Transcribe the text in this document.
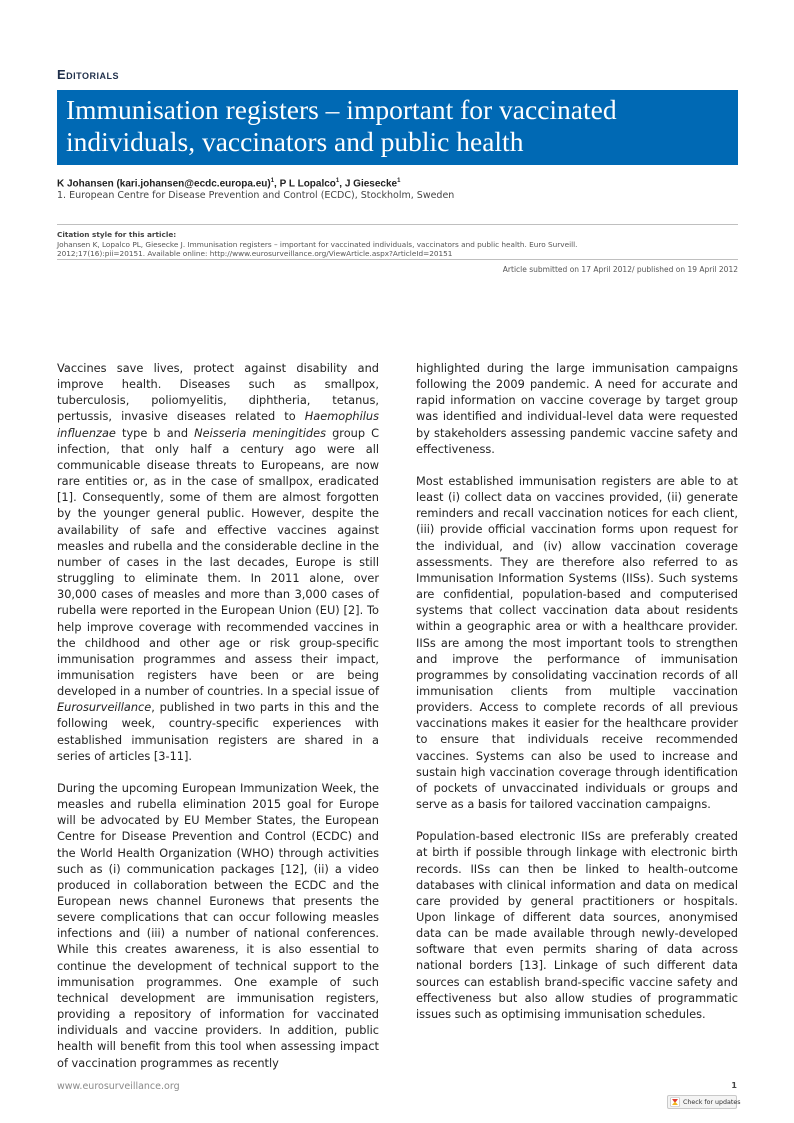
Editorials
Immunisation registers – important for vaccinated
individuals, vaccinators and public health
K Johansen (kari.johansen@ecdc.europa.eu)$^1$, P L Lopalco$^1$, J Giesecke$^1$
1. European Centre for Disease Prevention and Control (ECDC), Stockholm, Sweden
Citation style for this article:
Johansen K, Lopalco PL, Giesecke J. Immunisation registers – important for vaccinated individuals, vaccinators and public health. Euro Surveill.
2012;17(16):pii=20151. Available online: http://www.eurosurveillance.org/ViewArticle.aspx?ArticleId=20151
Article submitted on 17 April 2012/ published on 19 April 2012

Vaccines save lives, protect against disability and improve health. Diseases such as smallpox, tuberculosis, poliomyelitis, diphtheria, tetanus, pertussis, invasive diseases related to Haemophilus influenzae type b and Neisseria meningitides group C infection, that only half a century ago were all communicable disease threats to Europeans, are now rare entities or, as in the case of smallpox, eradicated [1]. Consequently, some of them are almost forgotten by the younger general public. However, despite the availability of safe and effective vaccines against measles and rubella and the considerable decline in the number of cases in the last decades, Europe is still struggling to eliminate them. In 2011 alone, over 30,000 cases of measles and more than 3,000 cases of rubella were reported in the European Union (EU) [2]. To help improve coverage with recommended vaccines in the childhood and other age or risk group-specific immunisation programmes and assess their impact, immunisation registers have been or are being developed in a number of countries. In a special issue of Eurosurveillance, published in two parts in this and the following week, country-specific experiences with established immunisation registers are shared in a series of articles [3-11].

During the upcoming European Immunization Week, the measles and rubella elimination 2015 goal for Europe will be advocated by EU Member States, the European Centre for Disease Prevention and Control (ECDC) and the World Health Organization (WHO) through activities such as (i) communication packages [12], (ii) a video produced in collaboration between the ECDC and the European news channel Euronews that presents the severe complications that can occur following measles infections and (iii) a number of national conferences. While this creates awareness, it is also essential to continue the development of technical support to the immunisation programmes. One example of such technical development are immunisation registers, providing a repository of information for vaccinated individuals and vaccine providers. In addition, public health will benefit from this tool when assessing impact of vaccination programmes as recently

highlighted during the large immunisation campaigns following the 2009 pandemic. A need for accurate and rapid information on vaccine coverage by target group was identified and individual-level data were requested by stakeholders assessing pandemic vaccine safety and effectiveness.

Most established immunisation registers are able to at least (i) collect data on vaccines provided, (ii) generate reminders and recall vaccination notices for each client, (iii) provide official vaccination forms upon request for the individual, and (iv) allow vaccination coverage assessments. They are therefore also referred to as Immunisation Information Systems (IISs). Such systems are confidential, population-based and computerised systems that collect vaccination data about residents within a geographic area or with a healthcare provider. IISs are among the most important tools to strengthen and improve the performance of immunisation programmes by consolidating vaccination records of all immunisation clients from multiple vaccination providers. Access to complete records of all previous vaccinations makes it easier for the healthcare provider to ensure that individuals receive recommended vaccines. Systems can also be used to increase and sustain high vaccination coverage through identification of pockets of unvaccinated individuals or groups and serve as a basis for tailored vaccination campaigns.

Population-based electronic IISs are preferably created at birth if possible through linkage with electronic birth records. IISs can then be linked to health-outcome databases with clinical information and data on medical care provided by general practitioners or hospitals. Upon linkage of different data sources, anonymised data can be made available through newly-developed software that even permits sharing of data across national borders [13]. Linkage of such different data sources can establish brand-specific vaccine safety and effectiveness but also allow studies of programmatic issues such as optimising immunisation schedules.

www.eurosurveillance.org	1
Check for updates
